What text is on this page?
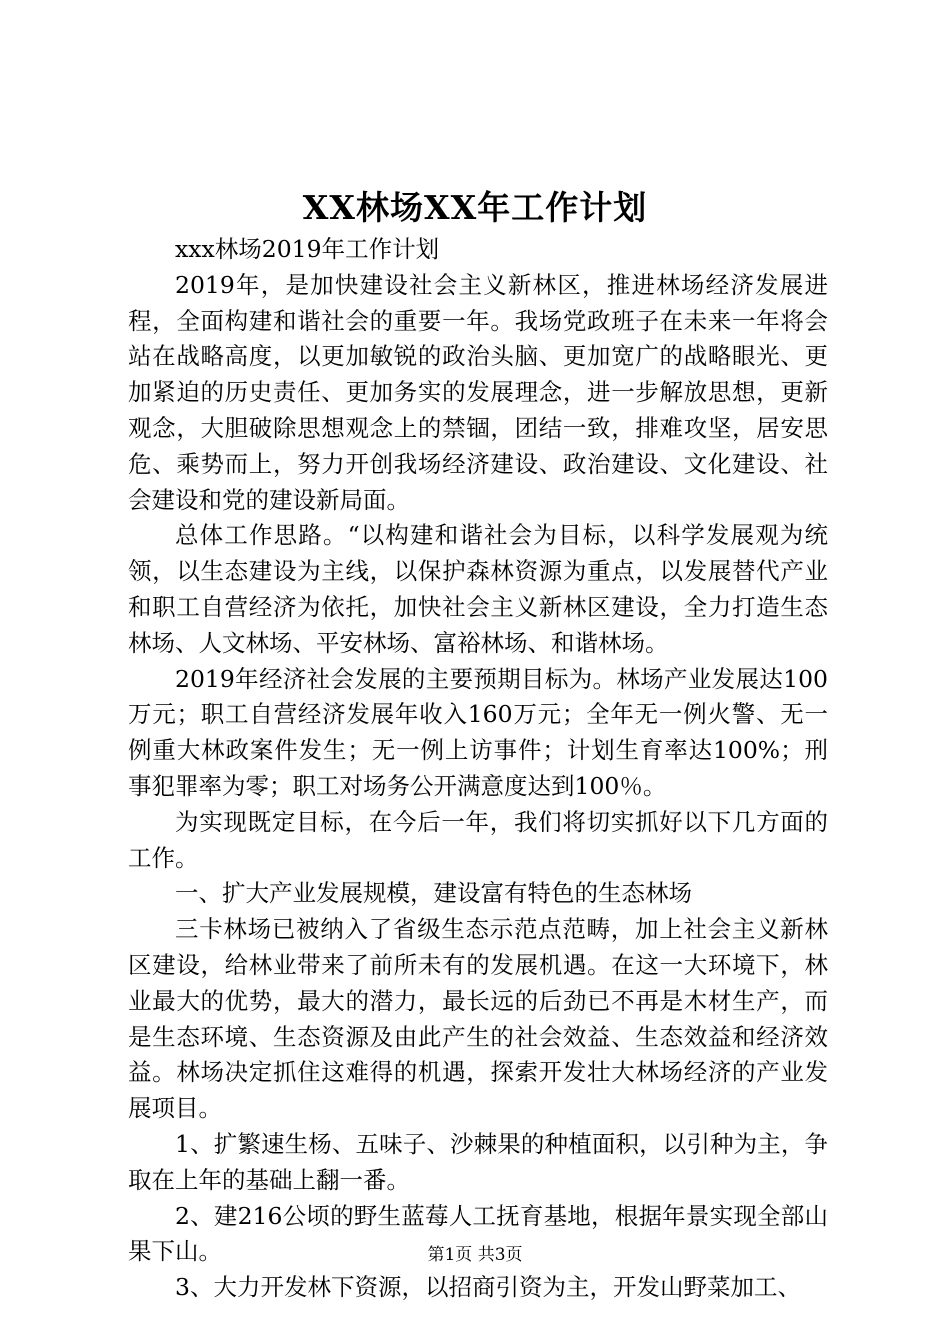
XX林场XX年工作计划

xxx林场2019年工作计划

2019年，是加快建设社会主义新林区，推进林场经济发展进程，全面构建和谐社会的重要一年。我场党政班子在未来一年将会站在战略高度，以更加敏锐的政治头脑、更加宽广的战略眼光、更加紧迫的历史责任、更加务实的发展理念，进一步解放思想，更新观念，大胆破除思想观念上的禁锢，团结一致，排难攻坚，居安思危、乘势而上，努力开创我场经济建设、政治建设、文化建设、社会建设和党的建设新局面。

总体工作思路。“以构建和谐社会为目标，以科学发展观为统领，以生态建设为主线，以保护森林资源为重点，以发展替代产业和职工自营经济为依托，加快社会主义新林区建设，全力打造生态林场、人文林场、平安林场、富裕林场、和谐林场。

2019年经济社会发展的主要预期目标为。林场产业发展达100万元；职工自营经济发展年收入160万元；全年无一例火警、无一例重大林政案件发生；无一例上访事件；计划生育率达100%；刑事犯罪率为零；职工对场务公开满意度达到100％。

为实现既定目标，在今后一年，我们将切实抓好以下几方面的工作。

一、扩大产业发展规模，建设富有特色的生态林场

三卡林场已被纳入了省级生态示范点范畴，加上社会主义新林区建设，给林业带来了前所未有的发展机遇。在这一大环境下，林业最大的优势，最大的潜力，最长远的后劲已不再是木材生产，而是生态环境、生态资源及由此产生的社会效益、生态效益和经济效益。林场决定抓住这难得的机遇，探索开发壮大林场经济的产业发展项目。

1、扩繁速生杨、五味子、沙棘果的种植面积，以引种为主，争取在上年的基础上翻一番。

2、建216公顷的野生蓝莓人工抚育基地，根据年景实现全部山果下山。

3、大力开发林下资源，以招商引资为主，开发山野菜加工、

第1页 共3页
